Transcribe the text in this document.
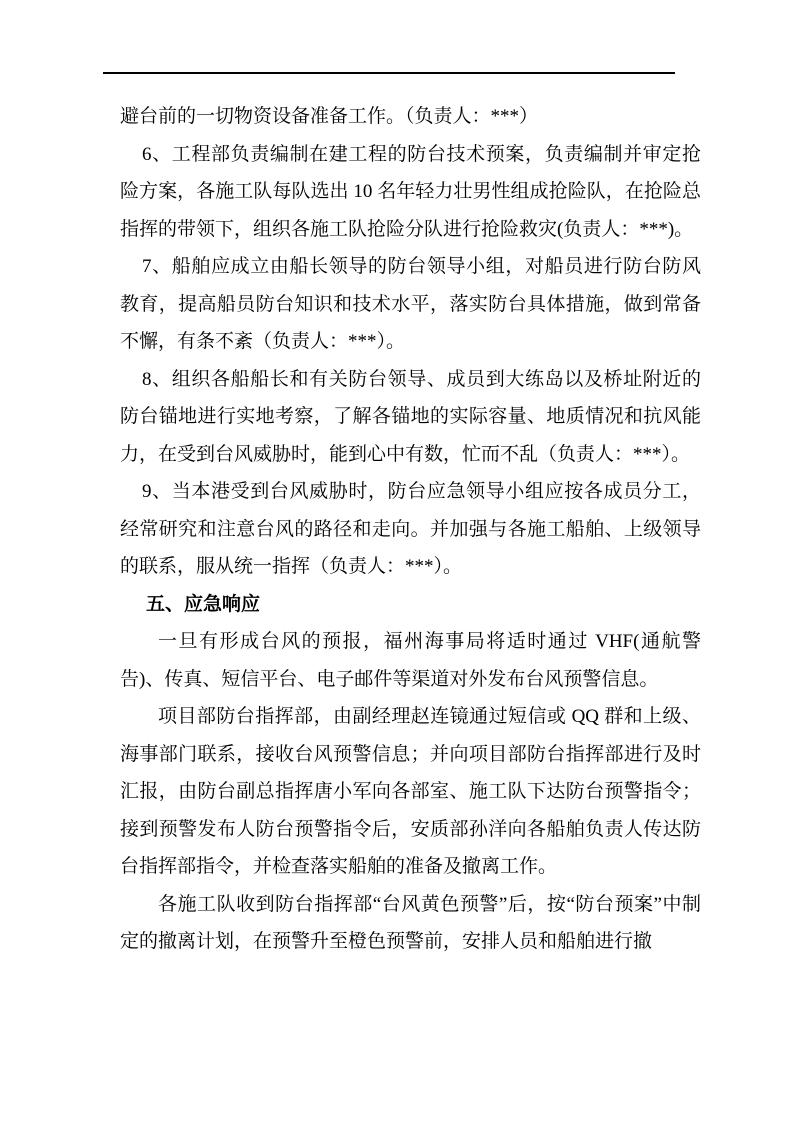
避台前的一切物资设备准备工作。（负责人：***）

6、工程部负责编制在建工程的防台技术预案，负责编制并审定抢险方案，各施工队每队选出 10 名年轻力壮男性组成抢险队，在抢险总指挥的带领下，组织各施工队抢险分队进行抢险救灾(负责人：***)。

7、船舶应成立由船长领导的防台领导小组，对船员进行防台防风教育，提高船员防台知识和技术水平，落实防台具体措施，做到常备不懈，有条不紊（负责人：***）。

8、组织各船船长和有关防台领导、成员到大练岛以及桥址附近的防台锚地进行实地考察，了解各锚地的实际容量、地质情况和抗风能力，在受到台风威胁时，能到心中有数，忙而不乱（负责人：***）。

9、当本港受到台风威胁时，防台应急领导小组应按各成员分工，经常研究和注意台风的路径和走向。并加强与各施工船舶、上级领导的联系，服从统一指挥（负责人：***）。

五、应急响应

一旦有形成台风的预报，福州海事局将适时通过 VHF(通航警告)、传真、短信平台、电子邮件等渠道对外发布台风预警信息。

项目部防台指挥部，由副经理赵连镜通过短信或 QQ 群和上级、海事部门联系，接收台风预警信息；并向项目部防台指挥部进行及时汇报，由防台副总指挥唐小军向各部室、施工队下达防台预警指令；接到预警发布人防台预警指令后，安质部孙洋向各船舶负责人传达防台指挥部指令，并检查落实船舶的准备及撤离工作。

各施工队收到防台指挥部“台风黄色预警”后，按“防台预案”中制定的撤离计划，在预警升至橙色预警前，安排人员和船舶进行撤
